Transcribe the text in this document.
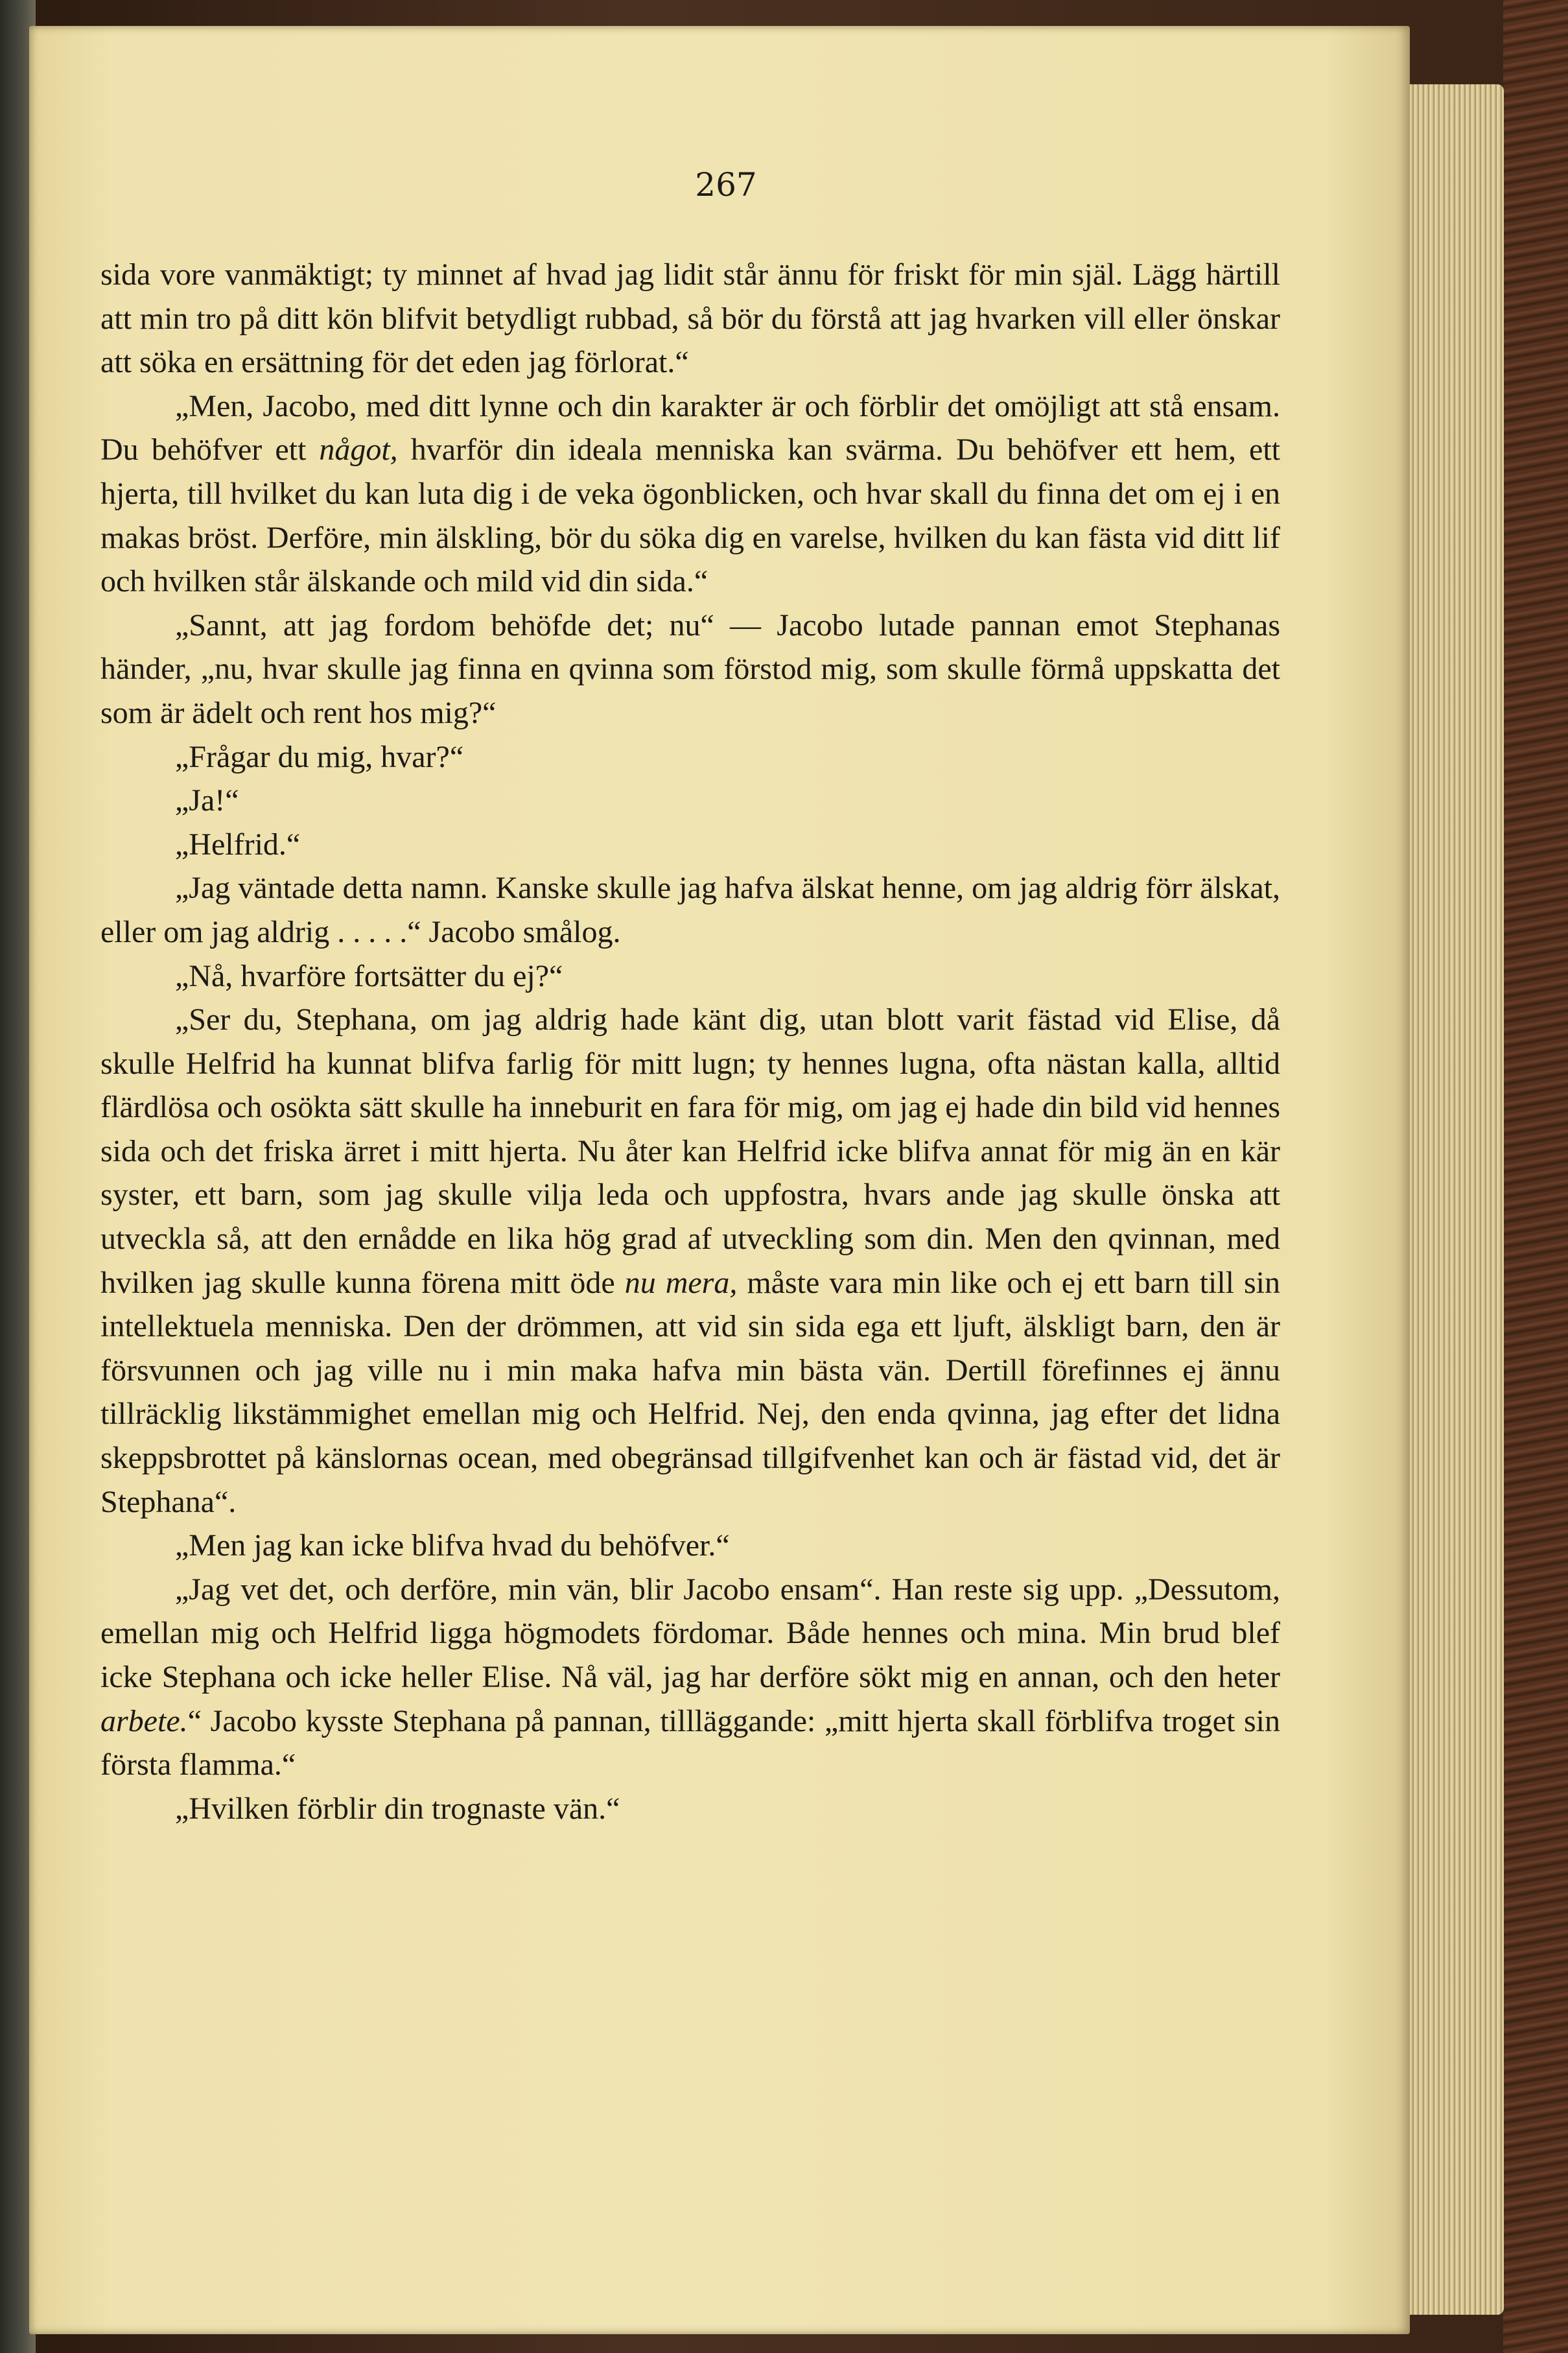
267

sida vore vanmäktigt; ty minnet af hvad jag lidit står ännu för friskt för min själ. Lägg härtill att min tro på ditt kön blifvit betydligt rubbad, så bör du förstå att jag hvarken vill eller önskar att söka en ersättning för det eden jag förlorat.“

„Men, Jacobo, med ditt lynne och din karakter är och förblir det omöjligt att stå ensam. Du behöfver ett något, hvarför din ideala menniska kan svärma. Du behöfver ett hem, ett hjerta, till hvilket du kan luta dig i de veka ögonblicken, och hvar skall du finna det om ej i en makas bröst. Derföre, min älskling, bör du söka dig en varelse, hvilken du kan fästa vid ditt lif och hvilken står älskande och mild vid din sida.“

„Sannt, att jag fordom behöfde det; nu“ — Jacobo lutade pannan emot Stephanas händer, „nu, hvar skulle jag finna en qvinna som förstod mig, som skulle förmå uppskatta det som är ädelt och rent hos mig?“

„Frågar du mig, hvar?“

„Ja!“

„Helfrid.“

„Jag väntade detta namn. Kanske skulle jag hafva älskat henne, om jag aldrig förr älskat, eller om jag aldrig . . . . .“ Jacobo smålog.

„Nå, hvarföre fortsätter du ej?“

„Ser du, Stephana, om jag aldrig hade känt dig, utan blott varit fästad vid Elise, då skulle Helfrid ha kunnat blifva farlig för mitt lugn; ty hennes lugna, ofta nästan kalla, alltid flärdlösa och osökta sätt skulle ha inneburit en fara för mig, om jag ej hade din bild vid hennes sida och det friska ärret i mitt hjerta. Nu åter kan Helfrid icke blifva annat för mig än en kär syster, ett barn, som jag skulle vilja leda och uppfostra, hvars ande jag skulle önska att utveckla så, att den ernådde en lika hög grad af utveckling som din. Men den qvinnan, med hvilken jag skulle kunna förena mitt öde nu mera, måste vara min like och ej ett barn till sin intellektuela menniska. Den der drömmen, att vid sin sida ega ett ljuft, älskligt barn, den är försvunnen och jag ville nu i min maka hafva min bästa vän. Dertill förefinnes ej ännu tillräcklig likstämmighet emellan mig och Helfrid. Nej, den enda qvinna, jag efter det lidna skeppsbrottet på känslornas ocean, med obegränsad tillgifvenhet kan och är fästad vid, det är Stephana“.

„Men jag kan icke blifva hvad du behöfver.“

„Jag vet det, och derföre, min vän, blir Jacobo ensam“. Han reste sig upp. „Dessutom, emellan mig och Helfrid ligga högmodets fördomar. Både hennes och mina. Min brud blef icke Stephana och icke heller Elise. Nå väl, jag har derföre sökt mig en annan, och den heter arbete.“ Jacobo kysste Stephana på pannan, tillläggande: „mitt hjerta skall förblifva troget sin första flamma.“

„Hvilken förblir din trognaste vän.“
